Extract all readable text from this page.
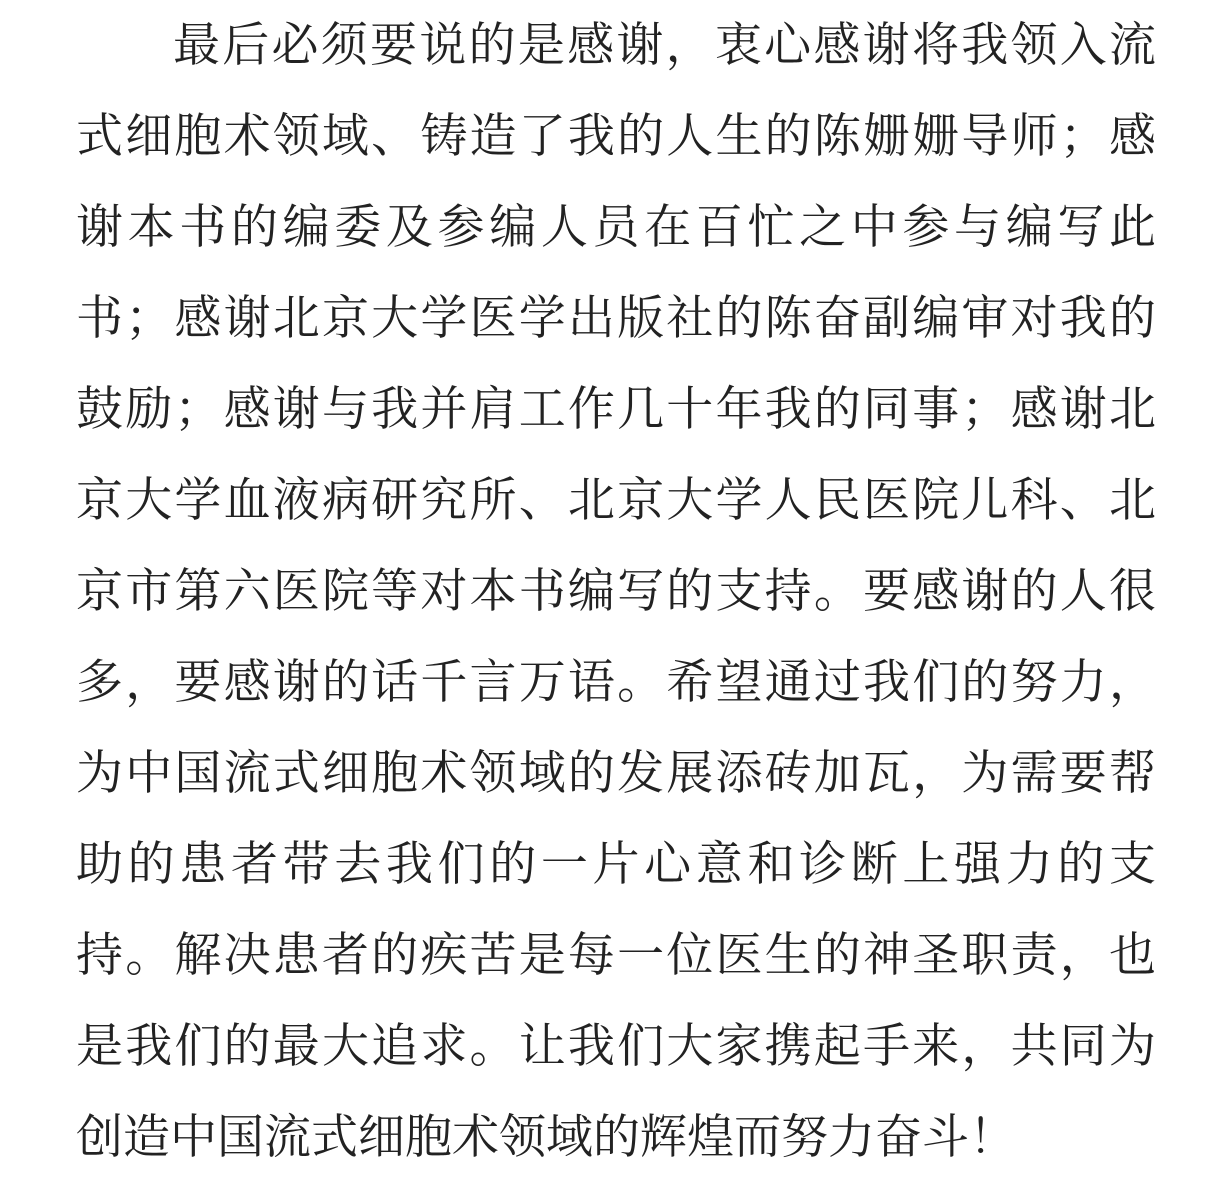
最后必须要说的是感谢，衷心感谢将我领入流
式细胞术领域、铸造了我的人生的陈姗姗导师；感
谢本书的编委及参编人员在百忙之中参与编写此
书；感谢北京大学医学出版社的陈奋副编审对我的
鼓励；感谢与我并肩工作几十年我的同事；感谢北
京大学血液病研究所、北京大学人民医院儿科、北
京市第六医院等对本书编写的支持。要感谢的人很
多，要感谢的话千言万语。希望通过我们的努力，
为中国流式细胞术领域的发展添砖加瓦，为需要帮
助的患者带去我们的一片心意和诊断上强力的支
持。解决患者的疾苦是每一位医生的神圣职责，也
是我们的最大追求。让我们大家携起手来，共同为
创造中国流式细胞术领域的辉煌而努力奋斗！
